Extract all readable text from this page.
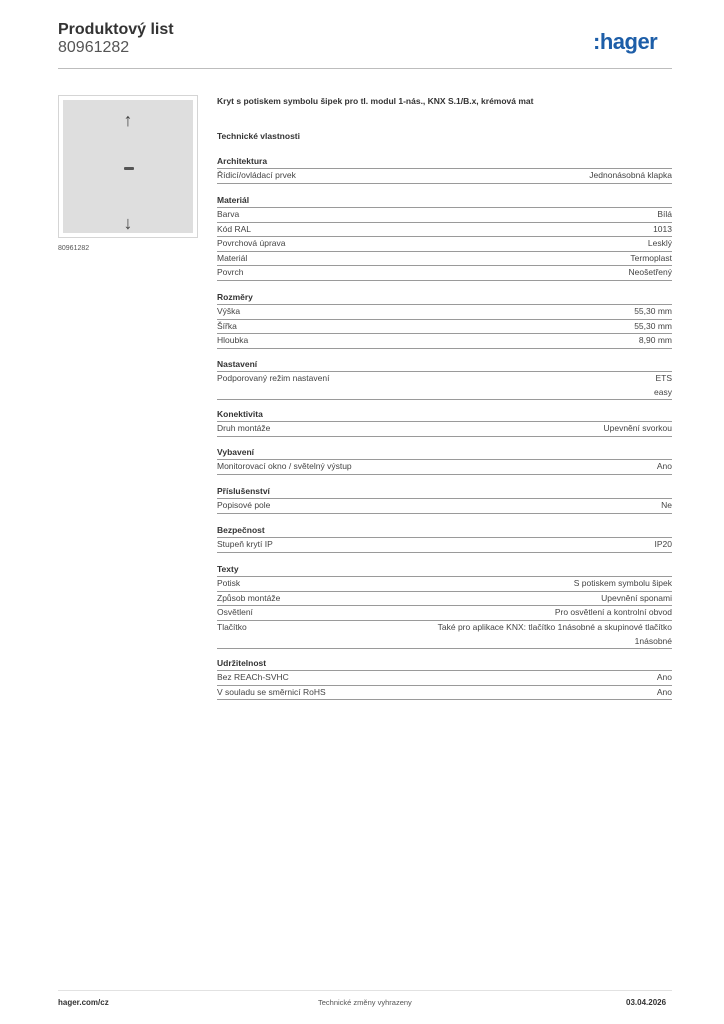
Produktový list
80961282	:hager
↑
↓
80961282
Kryt s potiskem symbolu šipek pro tl. modul 1-nás., KNX S.1/B.x, krémová mat
Technické vlastnosti
Architektura
Řídicí/ovládací prvek	Jednonásobná klapka
Materiál
Barva	Bílá
Kód RAL	1013
Povrchová úprava	Lesklý
Materiál	Termoplast
Povrch	Neošetřený
Rozměry
Výška	55,30 mm
Šířka	55,30 mm
Hloubka	8,90 mm
Nastavení
Podporovaný režim nastavení	ETS
easy
Konektivita
Druh montáže	Upevnění svorkou
Vybavení
Monitorovací okno / světelný výstup	Ano
Příslušenství
Popisové pole	Ne
Bezpečnost
Stupeň krytí IP	IP20
Texty
Potisk	S potiskem symbolu šipek
Způsob montáže	Upevnění sponami
Osvětlení	Pro osvětlení a kontrolní obvod
Tlačítko	Také pro aplikace KNX: tlačítko 1násobné a skupinové tlačítko
1násobné
Udržitelnost
Bez REACh-SVHC	Ano
V souladu se směrnicí RoHS	Ano
hager.com/cz	Technické změny vyhrazeny	03.04.2026
